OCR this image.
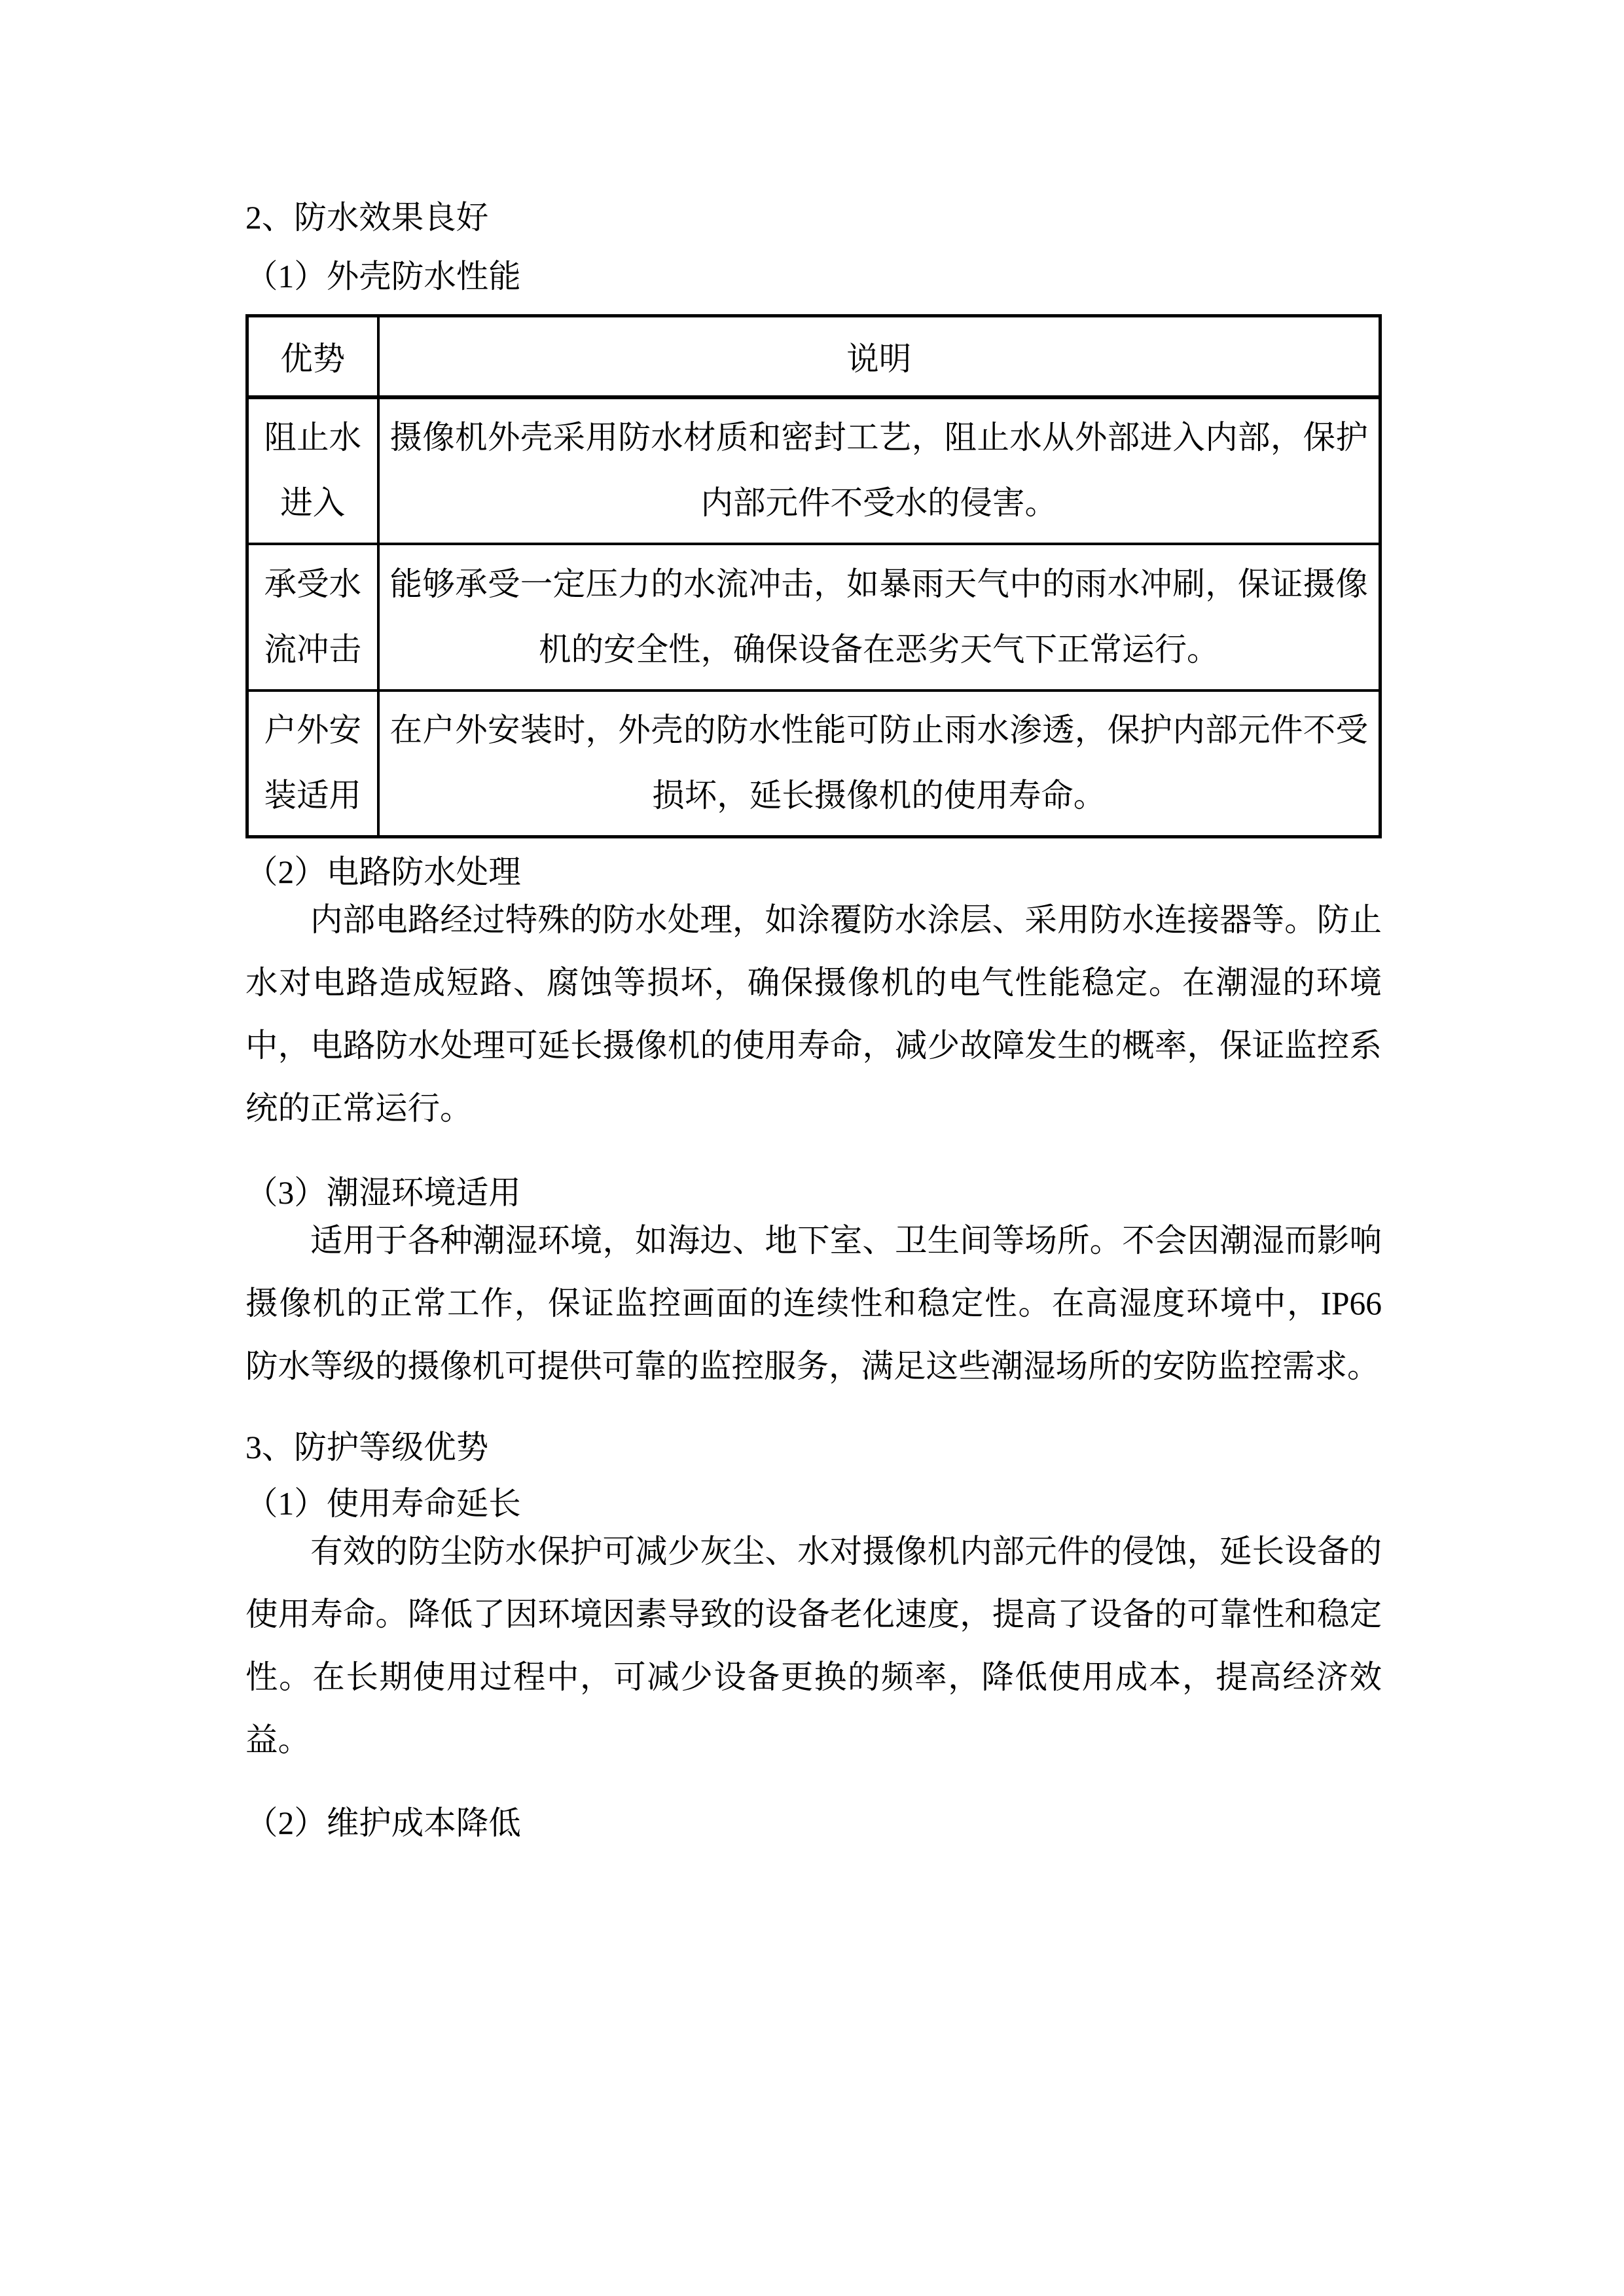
2、防水效果良好

（1）外壳防水性能

优势	说明
阻止水进入	摄像机外壳采用防水材质和密封工艺，阻止水从外部进入内部，保护内部元件不受水的侵害。
承受水流冲击	能够承受一定压力的水流冲击，如暴雨天气中的雨水冲刷，保证摄像机的安全性，确保设备在恶劣天气下正常运行。
户外安装适用	在户外安装时，外壳的防水性能可防止雨水渗透，保护内部元件不受损坏，延长摄像机的使用寿命。

（2）电路防水处理

内部电路经过特殊的防水处理，如涂覆防水涂层、采用防水连接器等。防止水对电路造成短路、腐蚀等损坏，确保摄像机的电气性能稳定。在潮湿的环境中，电路防水处理可延长摄像机的使用寿命，减少故障发生的概率，保证监控系统的正常运行。

（3）潮湿环境适用

适用于各种潮湿环境，如海边、地下室、卫生间等场所。不会因潮湿而影响摄像机的正常工作，保证监控画面的连续性和稳定性。在高湿度环境中，IP66 防水等级的摄像机可提供可靠的监控服务，满足这些潮湿场所的安防监控需求。

3、防护等级优势

（1）使用寿命延长

有效的防尘防水保护可减少灰尘、水对摄像机内部元件的侵蚀，延长设备的使用寿命。降低了因环境因素导致的设备老化速度，提高了设备的可靠性和稳定性。在长期使用过程中，可减少设备更换的频率，降低使用成本，提高经济效益。

（2）维护成本降低
